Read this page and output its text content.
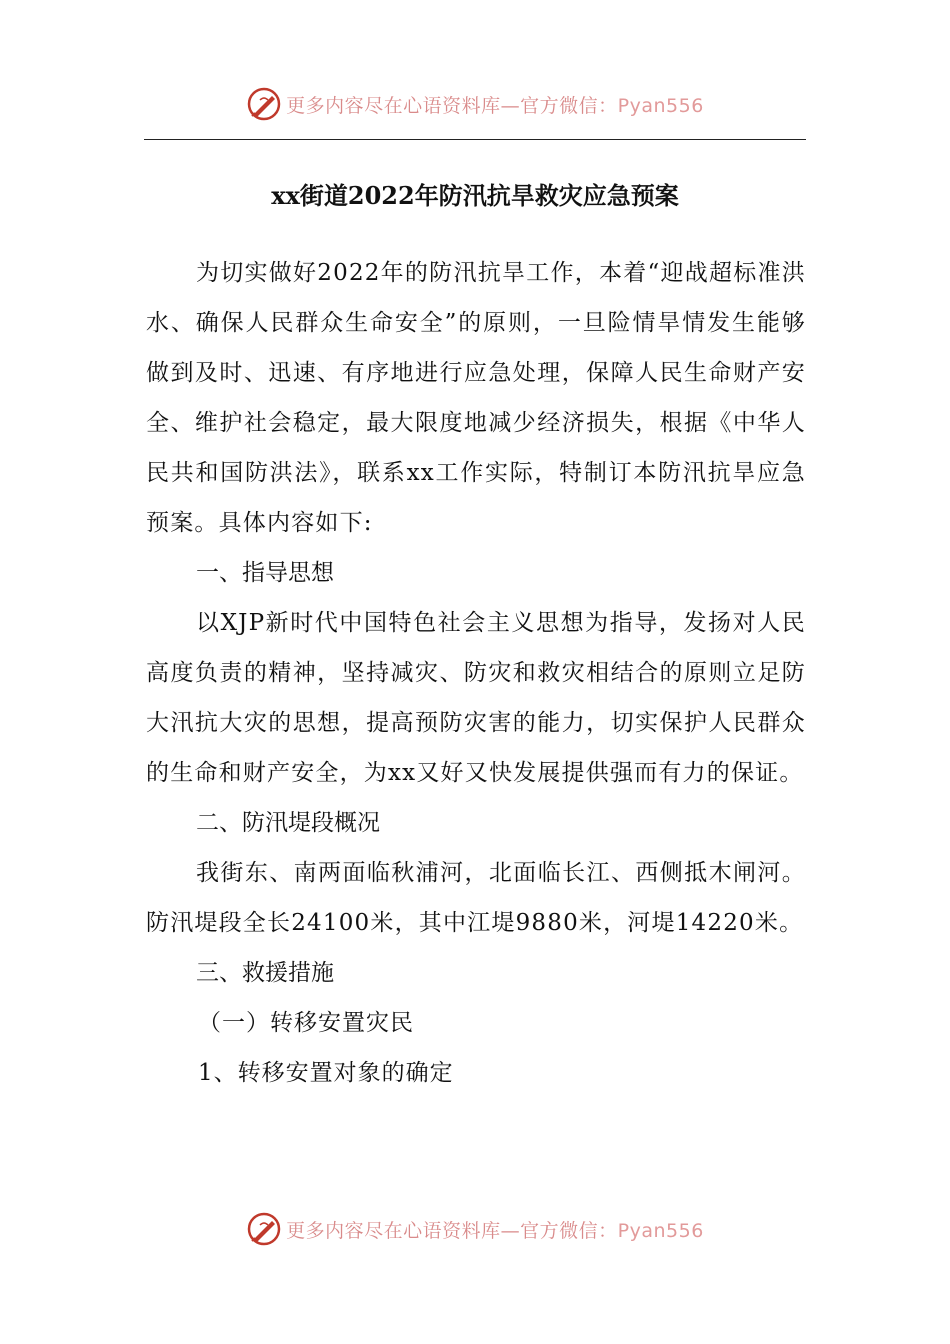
更多内容尽在心语资料库—官方微信：Pyan556
xx街道2022年防汛抗旱救灾应急预案

为切实做好2022年的防汛抗旱工作，本着“迎战超标准洪水、确保人民群众生命安全”的原则，一旦险情旱情发生能够做到及时、迅速、有序地进行应急处理，保障人民生命财产安全、维护社会稳定，最大限度地减少经济损失，根据《中华人民共和国防洪法》，联系xx工作实际，特制订本防汛抗旱应急预案。具体内容如下:

一、指导思想

以XJP新时代中国特色社会主义思想为指导，发扬对人民高度负责的精神，坚持减灾、防灾和救灾相结合的原则立足防大汛抗大灾的思想，提高预防灾害的能力，切实保护人民群众的生命和财产安全，为xx又好又快发展提供强而有力的保证。

二、防汛堤段概况

我街东、南两面临秋浦河，北面临长江、西侧抵木闸河。防汛堤段全长24100米，其中江堤9880米，河堤14220米。

三、救援措施

（一）转移安置灾民

1、转移安置对象的确定

更多内容尽在心语资料库—官方微信：Pyan556
